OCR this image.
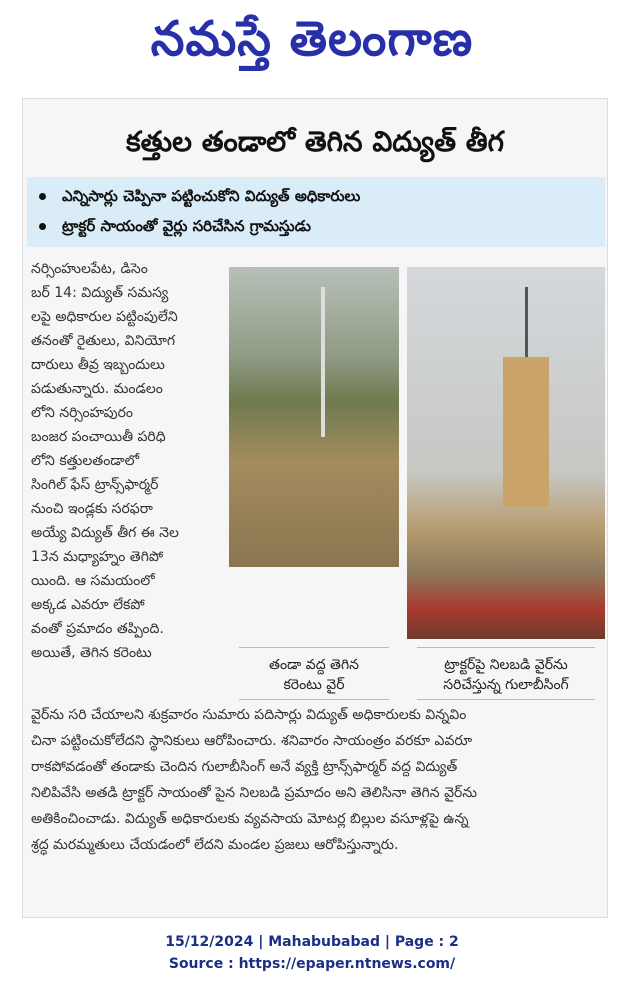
నమస్తే తెలంగాణ
కత్తుల తండాలో తెగిన విద్యుత్ తీగ
ఎన్నిసార్లు చెప్పినా పట్టించుకోని విద్యుత్ అధికారులు
ట్రాక్టర్ సాయంతో వైర్లు సరిచేసిన గ్రామస్తుడు
నర్సింహులపేట, డిసెం
బర్ 14: విద్యుత్ సమస్య
లపై అధికారుల పట్టింపులేని
తనంతో రైతులు, వినియోగ
దారులు తీవ్ర ఇబ్బందులు
పడుతున్నారు. మండలం
లోని నర్సింహపురం
బంజర పంచాయితీ పరిధి
లోని కత్తులతండాలో
సింగిల్ ఫేస్ ట్రాన్స్‌ఫార్మర్
నుంచి ఇండ్లకు సరఫరా
అయ్యే విద్యుత్ తీగ ఈ నెల
13న మధ్యాహ్నం తెగిపో
యింది. ఆ సమయంలో
అక్కడ ఎవరూ లేకపో
వంతో ప్రమాదం తప్పింది.
అయితే, తెగిన కరెంటు
తండా వద్ద తెగిన
కరెంటు వైర్
ట్రాక్టర్‌పై నిలబడి వైర్‌ను
సరిచేస్తున్న గులాబీసింగ్
వైర్‌ను సరి చేయాలని శుక్రవారం సుమారు పదిసార్లు విద్యుత్ అధికారులకు విన్నవిం
చినా పట్టించుకోలేదని స్థానికులు ఆరోపించారు. శనివారం సాయంత్రం వరకూ ఎవరూ
రాకపోవడంతో తండాకు చెందిన గులాబీసింగ్ అనే వ్యక్తి ట్రాన్స్‌ఫార్మర్ వద్ద విద్యుత్
నిలిపివేసి అతడి ట్రాక్టర్ సాయంతో పైన నిలబడి ప్రమాదం అని తెలిసినా తెగిన వైర్‌ను
అతికించించాడు. విద్యుత్ అధికారులకు వ్యవసాయ మోటర్ల బిల్లుల వసూళ్లపై ఉన్న
శ్రద్ధ మరమ్మతులు చేయడంలో లేదని మండల ప్రజలు ఆరోపిస్తున్నారు.
15/12/2024 | Mahabubabad | Page : 2
Source : https://epaper.ntnews.com/
